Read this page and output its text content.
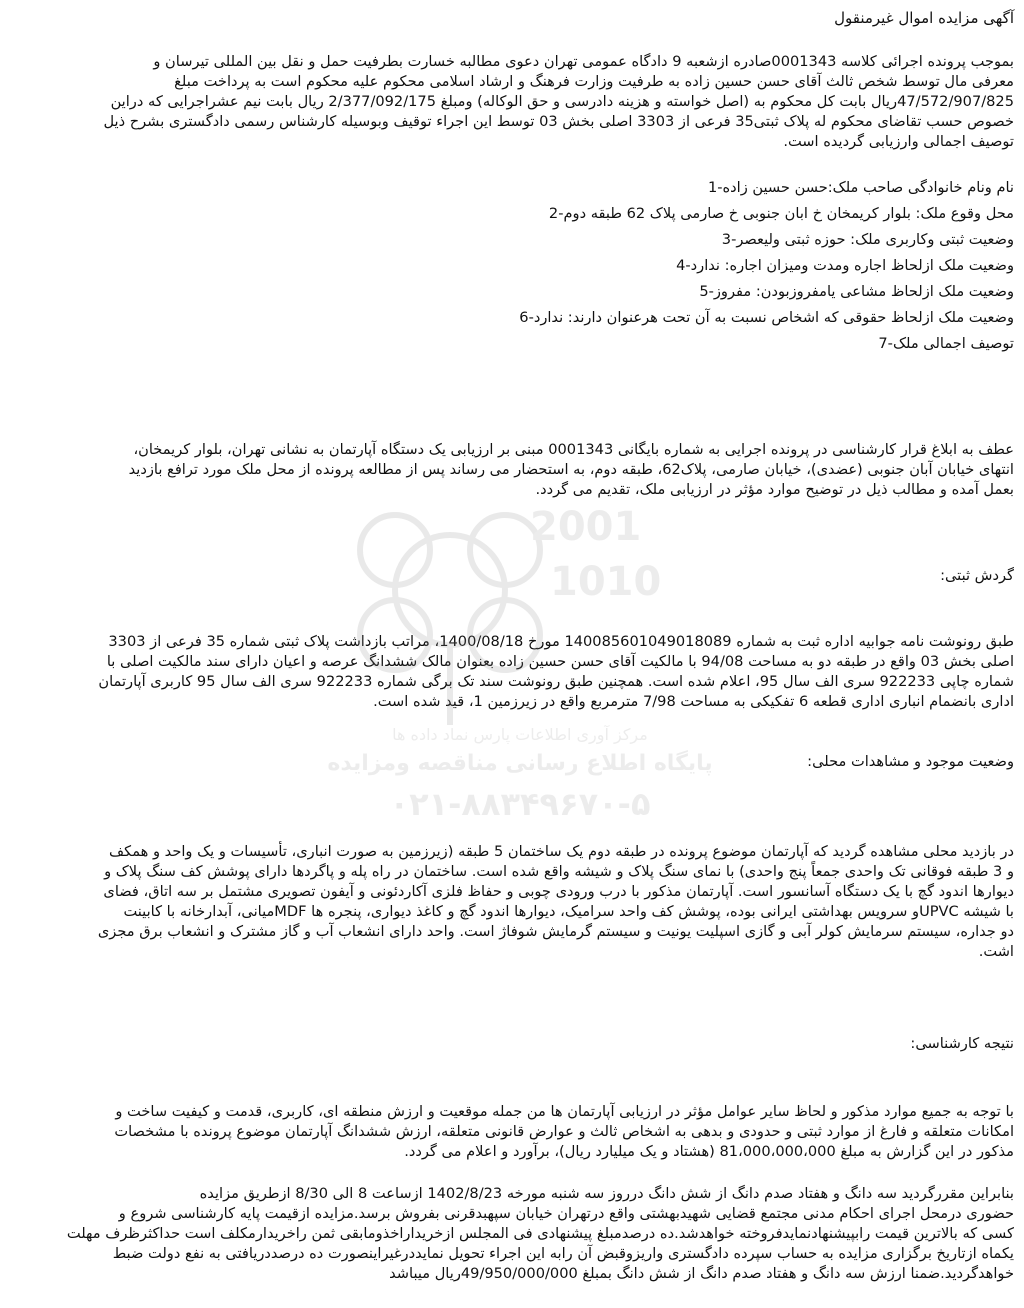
آگهی مزایده اموال غیرمنقول

بموجب پرونده اجرائی کلاسه 0001343صادره ازشعبه 9 دادگاه عمومی تهران دعوی مطالبه خسارت بطرفیت حمل و نقل بین المللی تیرسان و

معرفی مال توسط شخص ثالث آقای حسن حسین زاده به طرفیت وزارت فرهنگ و ارشاد اسلامی محکوم علیه محکوم است به پرداخت مبلغ

47/572/907/825ریال بابت کل محکوم به (اصل خواسته و هزینه دادرسی و حق الوکاله) ومبلغ 2/377/092/175 ریال بابت نیم عشراجرایی که دراین

خصوص حسب تقاضای محکوم له پلاک ثبتی35 فرعی از 3303 اصلی بخش 03 توسط این اجراء توقیف وبوسیله کارشناس رسمی دادگستری بشرح ذیل

توصیف اجمالی وارزیابی گردیده است.

نام ونام خانوادگی صاحب ملک:حسن حسین زاده-1

محل وقوع ملک: بلوار کریمخان خ ابان جنوبی خ صارمی پلاک 62 طبقه دوم-2

وضعیت ثبتی وکاربری ملک: حوزه ثبتی ولیعصر-3

وضعیت ملک ازلحاظ اجاره ومدت ومیزان اجاره: ندارد-4

وضعیت ملک ازلحاظ مشاعی یامفروزبودن: مفروز-5

وضعیت ملک ازلحاظ حقوقی که اشخاص نسبت به آن تحت هرعنوان دارند: ندارد-6

توصیف اجمالی ملک-7

عطف به ابلاغ قرار کارشناسی در پرونده اجرایی به شماره بایگانی 0001343 مبنی بر ارزیابی یک دستگاه آپارتمان به نشانی تهران، بلوار کریمخان،

انتهای خیابان آبان جنوبی (عضدی)، خیابان صارمی، پلاک62، طبقه دوم، به استحضار می رساند پس از مطالعه پرونده از محل ملک مورد ترافع بازدید

بعمل آمده و مطالب ذیل در توضیح موارد مؤثر در ارزیابی ملک، تقدیم می گردد.

گردش ثبتی:

طبق رونوشت نامه جوابیه اداره ثبت به شماره 140085601049018089 مورخ 1400/08/18، مراتب بازداشت پلاک ثبتی شماره 35 فرعی از 3303

اصلی بخش 03 واقع در طبقه دو به مساحت 94/08 با مالکیت آقای حسن حسین زاده بعنوان مالک ششدانگ عرصه و اعیان دارای سند مالکیت اصلی با

شماره چاپی 922233 سری الف سال 95، اعلام شده است. همچنین طبق رونوشت سند تک برگی شماره 922233 سری الف سال 95 کاربری آپارتمان

اداری بانضمام انباری اداری قطعه 6 تفکیکی به مساحت 7/98 مترمربع واقع در زیرزمین 1، قید شده است.

وضعیت موجود و مشاهدات محلی:

در بازدید محلی مشاهده گردید که آپارتمان موضوع پرونده در طبقه دوم یک ساختمان 5 طبقه (زیرزمین به صورت انباری، تأسیسات و یک واحد و همکف

و 3 طبقه فوقانی تک واحدی جمعاً پنج واحدی) با نمای سنگ پلاک و شیشه واقع شده است. ساختمان در راه پله و پاگردها دارای پوشش کف سنگ پلاک و

دیوارها اندود گچ با یک دستگاه آسانسور است. آپارتمان مذکور با درب ورودی چوبی و حفاظ فلزی آکاردئونی و آیفون تصویری مشتمل بر سه اتاق، فضای

با شیشه UPVCو سرویس بهداشتی ایرانی بوده، پوشش کف واحد سرامیک، دیوارها اندود گچ و کاغذ دیواری، پنجره ها MDFمیانی، آبدارخانه با کابینت

دو جداره، سیستم سرمایش کولر آبی و گازی اسپلیت یونیت و سیستم گرمایش شوفاژ است. واحد دارای انشعاب آب و گاز مشترک و انشعاب برق مجزی

اشت.

نتیجه کارشناسی:

با توجه به جمیع موارد مذکور و لحاظ سایر عوامل مؤثر در ارزیابی آپارتمان ها من جمله موقعیت و ارزش منطقه ای، کاربری، قدمت و کیفیت ساخت و

امکانات متعلقه و فارغ از موارد ثبتی و حدودی و بدهی به اشخاص ثالث و عوارض قانونی متعلقه، ارزش ششدانگ آپارتمان موضوع پرونده با مشخصات

مذکور در این گزارش به مبلغ 81،000،000،000 (هشتاد و یک میلیارد ریال)، برآورد و اعلام می گردد.

بنابراین مقررگردید سه دانگ و هفتاد صدم دانگ از شش دانگ درروز سه شنبه مورخه 1402/8/23 ازساعت 8 الی 8/30 ازطریق مزایده

حضوری درمحل اجرای احکام مدنی مجتمع قضایی شهیدبهشتی واقع درتهران خیابان سپهبدقرنی بفروش برسد.مزایده ازقیمت پایه کارشناسی شروع و

کسی که بالاترین قیمت رابپیشنهادنمایدفروخته خواهدشد.ده درصدمبلغ پیشنهادی فی المجلس ازخریداراخذومابقی ثمن راخریدارمکلف است حداکثرظرف مهلت

یکماه ازتاریخ برگزاری مزایده به حساب سپرده دادگستری واریزوقبض آن رابه این اجراء تحویل نمایددرغیراینصورت ده درصددریافتی به نفع دولت ضبط

خواهدگردید.ضمنا ارزش سه دانگ و هفتاد صدم دانگ از شش دانگ بمبلغ 49/950/000/000ریال میباشد

2001
1010
مرکز آوری اطلاعات پارس نماد داده ها
پایگاه اطلاع رسانی مناقصه ومزایده
۰۲۱-۸۸۳۴۹۶۷۰-۵
